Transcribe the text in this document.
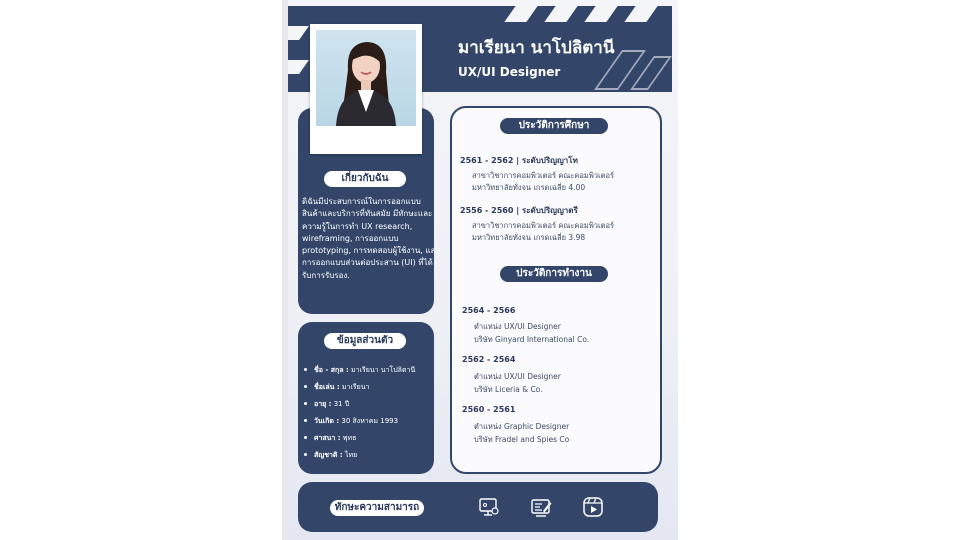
มาเรียนา นาโปลิตานี
UX/UI Designer
เกี่ยวกับฉัน
ดิฉันมีประสบการณ์ในการออกแบบสินค้าและบริการที่ทันสมัย มีทักษะและความรู้ในการทำ UX research, wireframing, การออกแบบ prototyping, การทดสอบผู้ใช้งาน, และการออกแบบส่วนต่อประสาน (UI) ที่ได้รับการรับรอง.
ข้อมูลส่วนตัว
ชื่อ - สกุล : มาเรียนา นาโปลิตานี
ชื่อเล่น : มาเรียนา
อายุ : 31 ปี
วันเกิด : 30 สิงหาคม 1993
ศาสนา : พุทธ
สัญชาติ : ไทย
ประวัติการศึกษา
2561 - 2562 | ระดับปริญญาโท
สาขาวิชาการคอมพิวเตอร์ คณะคอมพิวเตอร์
มหาวิทยาลัยทั่งจน เกรดเฉลี่ย 4.00
2556 - 2560 | ระดับปริญญาตรี
สาขาวิชาการคอมพิวเตอร์ คณะคอมพิวเตอร์
มหาวิทยาลัยทั่งจน เกรดเฉลี่ย 3.98
ประวัติการทำงาน
2564 - 2566
ตำแหน่ง UX/UI Designer
บริษัท Ginyard International Co.
2562 - 2564
ตำแหน่ง UX/UI Designer
บริษัท Liceria & Co.
2560 - 2561
ตำแหน่ง Graphic Designer
บริษัท Fradel and Spies Co
ทักษะความสามารถ
